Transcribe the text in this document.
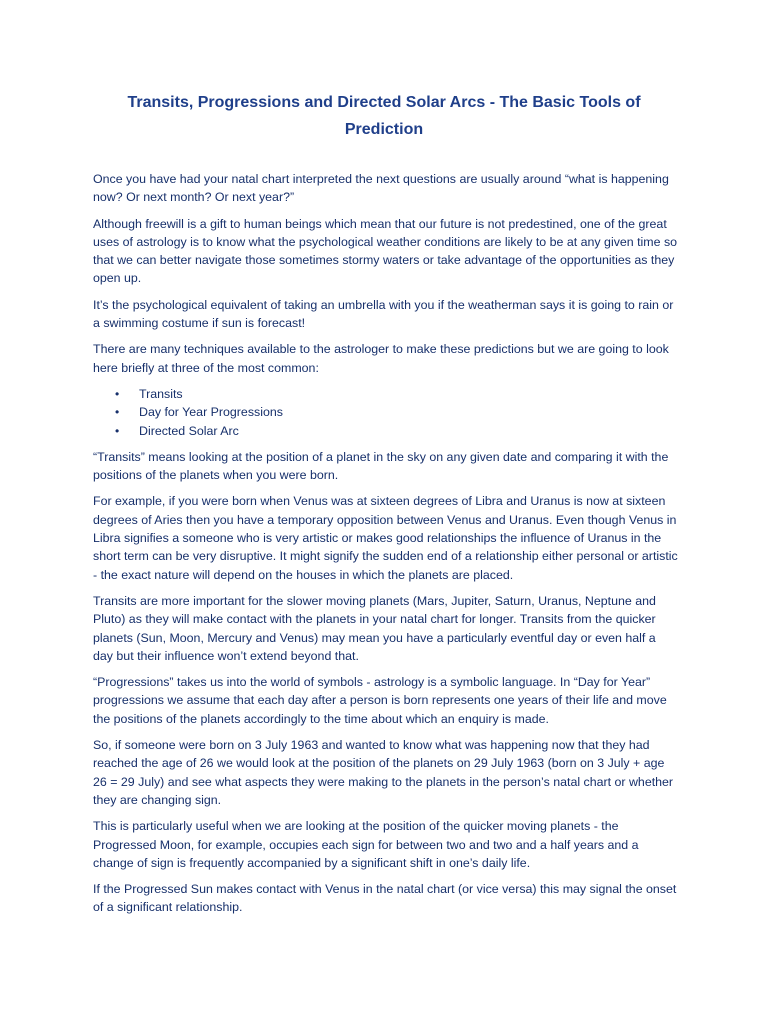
Transits, Progressions and Directed Solar Arcs - The Basic Tools of Prediction

Once you have had your natal chart interpreted the next questions are usually around “what is happening now? Or next month? Or next year?”

Although freewill is a gift to human beings which mean that our future is not predestined, one of the great uses of astrology is to know what the psychological weather conditions are likely to be at any given time so that we can better navigate those sometimes stormy waters or take advantage of the opportunities as they open up.

It’s the psychological equivalent of taking an umbrella with you if the weatherman says it is going to rain or a swimming costume if sun is forecast!

There are many techniques available to the astrologer to make these predictions but we are going to look here briefly at three of the most common:

• Transits
• Day for Year Progressions
• Directed Solar Arc

“Transits” means looking at the position of a planet in the sky on any given date and comparing it with the positions of the planets when you were born.

For example, if you were born when Venus was at sixteen degrees of Libra and Uranus is now at sixteen degrees of Aries then you have a temporary opposition between Venus and Uranus. Even though Venus in Libra signifies a someone who is very artistic or makes good relationships the influence of Uranus in the short term can be very disruptive. It might signify the sudden end of a relationship either personal or artistic - the exact nature will depend on the houses in which the planets are placed.

Transits are more important for the slower moving planets (Mars, Jupiter, Saturn, Uranus, Neptune and Pluto) as they will make contact with the planets in your natal chart for longer. Transits from the quicker planets (Sun, Moon, Mercury and Venus) may mean you have a particularly eventful day or even half a day but their influence won’t extend beyond that.

“Progressions” takes us into the world of symbols - astrology is a symbolic language. In “Day for Year” progressions we assume that each day after a person is born represents one years of their life and move the positions of the planets accordingly to the time about which an enquiry is made.

So, if someone were born on 3 July 1963 and wanted to know what was happening now that they had reached the age of 26 we would look at the position of the planets on 29 July 1963 (born on 3 July + age 26 = 29 July) and see what aspects they were making to the planets in the person’s natal chart or whether they are changing sign.

This is particularly useful when we are looking at the position of the quicker moving planets - the Progressed Moon, for example, occupies each sign for between two and two and a half years and a change of sign is frequently accompanied by a significant shift in one’s daily life.

If the Progressed Sun makes contact with Venus in the natal chart (or vice versa) this may signal the onset of a significant relationship.
